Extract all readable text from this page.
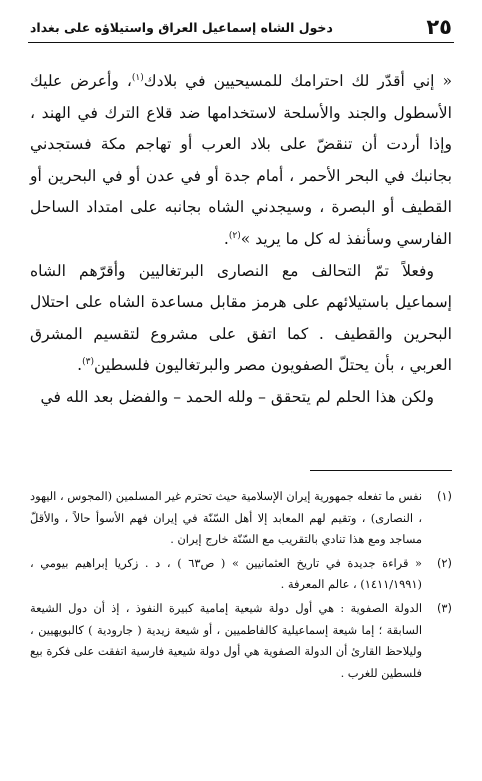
٢٥
دخول الشاه إسماعيل العراق واستيلاؤه على بغداد

« إني أقدّر لك احترامك للمسيحيين في بلادك$^{(١)}$، وأعرض عليك الأسطول والجند والأسلحة لاستخدامها ضد قلاع الترك في الهند ، وإذا أردت أن تنقضّ على بلاد العرب أو تهاجم مكة فستجدني بجانبك في البحر الأحمر ، أمام جدة أو في عدن أو في البحرين أو القطيف أو البصرة ، وسيجدني الشاه بجانبه على امتداد الساحل الفارسي وسأنفذ له كل ما يريد »$^{(٢)}$.

وفعلاً تمّ التحالف مع النصارى البرتغاليين وأقرّهم الشاه إسماعيل باستيلائهم على هرمز مقابل مساعدة الشاه على احتلال البحرين والقطيف . كما اتفق على مشروع لتقسيم المشرق العربي ، بأن يحتلّ الصفويون مصر والبرتغاليون فلسطين$^{(٣)}$.

ولكن هذا الحلم لم يتحقق – ولله الحمد – والفضل بعد الله في

(١)
نفس ما تفعله جمهورية إيران الإسلامية حيث تحترم غير المسلمين (المجوس ، اليهود ، النصارى) ، وتقيم لهم المعابد إلا أهل السّنّة في إيران فهم الأسوأ حالاً ، والأقلّ مساجد ومع هذا تنادي بالتقريب مع السّنّة خارج إيران .
(٢)
« قراءة جديدة في تاريخ العثمانيين » ( ص٦٣ ) ، د . زكريا إبراهيم بيومي ، (١٤١١/١٩٩١) ، عالم المعرفة .
(٣)
الدولة الصفوية : هي أول دولة شيعية إمامية كبيرة النفوذ ، إذ أن دول الشيعة السابقة ؛ إما شيعة إسماعيلية كالفاطميين ، أو شيعة زيدية ( جارودية ) كالبويهيين ، وليلاحظ القارئ أن الدولة الصفوية هي أول دولة شيعية فارسية اتفقت على فكرة بيع فلسطين للغرب .
